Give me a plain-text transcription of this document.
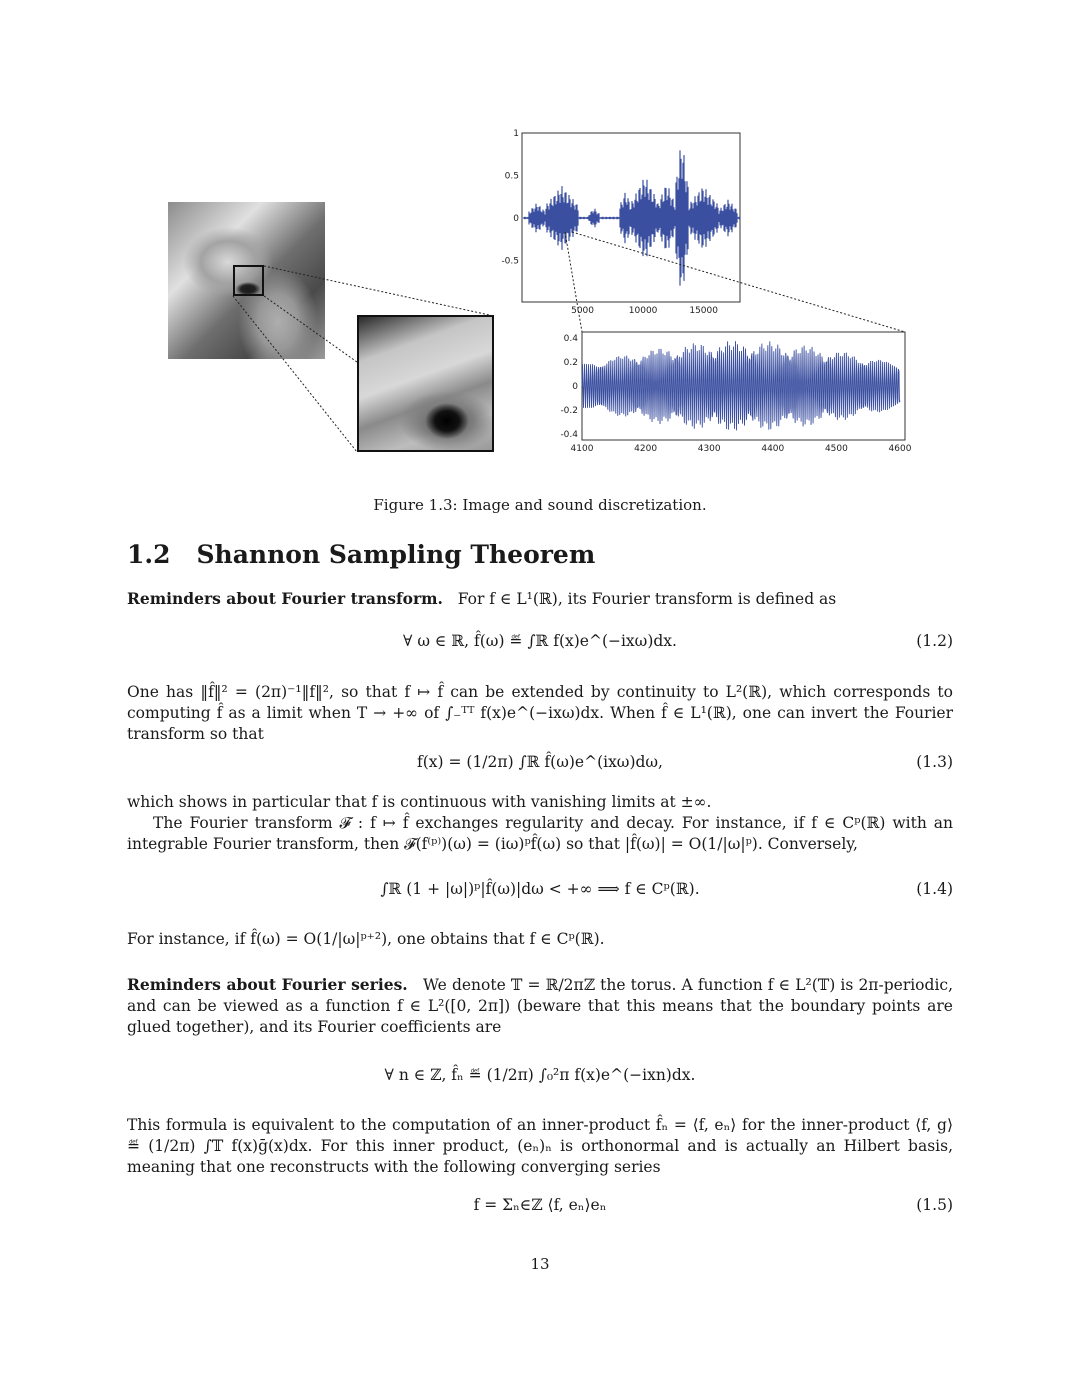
1
0.5
0
-0.5
5000	10000	15000
0.4
0.2
0
-0.2
-0.4
4100	4200	4300	4400	4500	4600
Figure 1.3: Image and sound discretization.
1.2 Shannon Sampling Theorem
Reminders about Fourier transform. For f ∈ L¹(ℝ), its Fourier transform is defined as
∀ ω ∈ ℝ, f̂(ω) ≝ ∫ℝ f(x)e^(−ixω)dx.	(1.2)
One has ‖f̂‖² = (2π)⁻¹‖f‖², so that f ↦ f̂ can be extended by continuity to L²(ℝ), which corresponds to computing f̂ as a limit when T → +∞ of ∫₋ᵀᵀ f(x)e^(−ixω)dx. When f̂ ∈ L¹(ℝ), one can invert the Fourier transform so that
f(x) = (1/2π) ∫ℝ f̂(ω)e^(ixω)dω,	(1.3)
which shows in particular that f is continuous with vanishing limits at ±∞.
The Fourier transform 𝓕 : f ↦ f̂ exchanges regularity and decay. For instance, if f ∈ Cᵖ(ℝ) with an integrable Fourier transform, then 𝓕(f⁽ᵖ⁾)(ω) = (iω)ᵖf̂(ω) so that |f̂(ω)| = O(1/|ω|ᵖ). Conversely,
∫ℝ (1 + |ω|)ᵖ|f̂(ω)|dω < +∞ ⟹ f ∈ Cᵖ(ℝ).	(1.4)
For instance, if f̂(ω) = O(1/|ω|ᵖ⁺²), one obtains that f ∈ Cᵖ(ℝ).
Reminders about Fourier series. We denote 𝕋 = ℝ/2πℤ the torus. A function f ∈ L²(𝕋) is 2π-periodic, and can be viewed as a function f ∈ L²([0, 2π]) (beware that this means that the boundary points are glued together), and its Fourier coefficients are
∀ n ∈ ℤ, f̂ₙ ≝ (1/2π) ∫₀²π f(x)e^(−ixn)dx.
This formula is equivalent to the computation of an inner-product f̂ₙ = ⟨f, eₙ⟩ for the inner-product ⟨f, g⟩ ≝ (1/2π) ∫𝕋 f(x)ḡ(x)dx. For this inner product, (eₙ)ₙ is orthonormal and is actually an Hilbert basis, meaning that one reconstructs with the following converging series
f = Σₙ∈ℤ ⟨f, eₙ⟩eₙ	(1.5)
13
